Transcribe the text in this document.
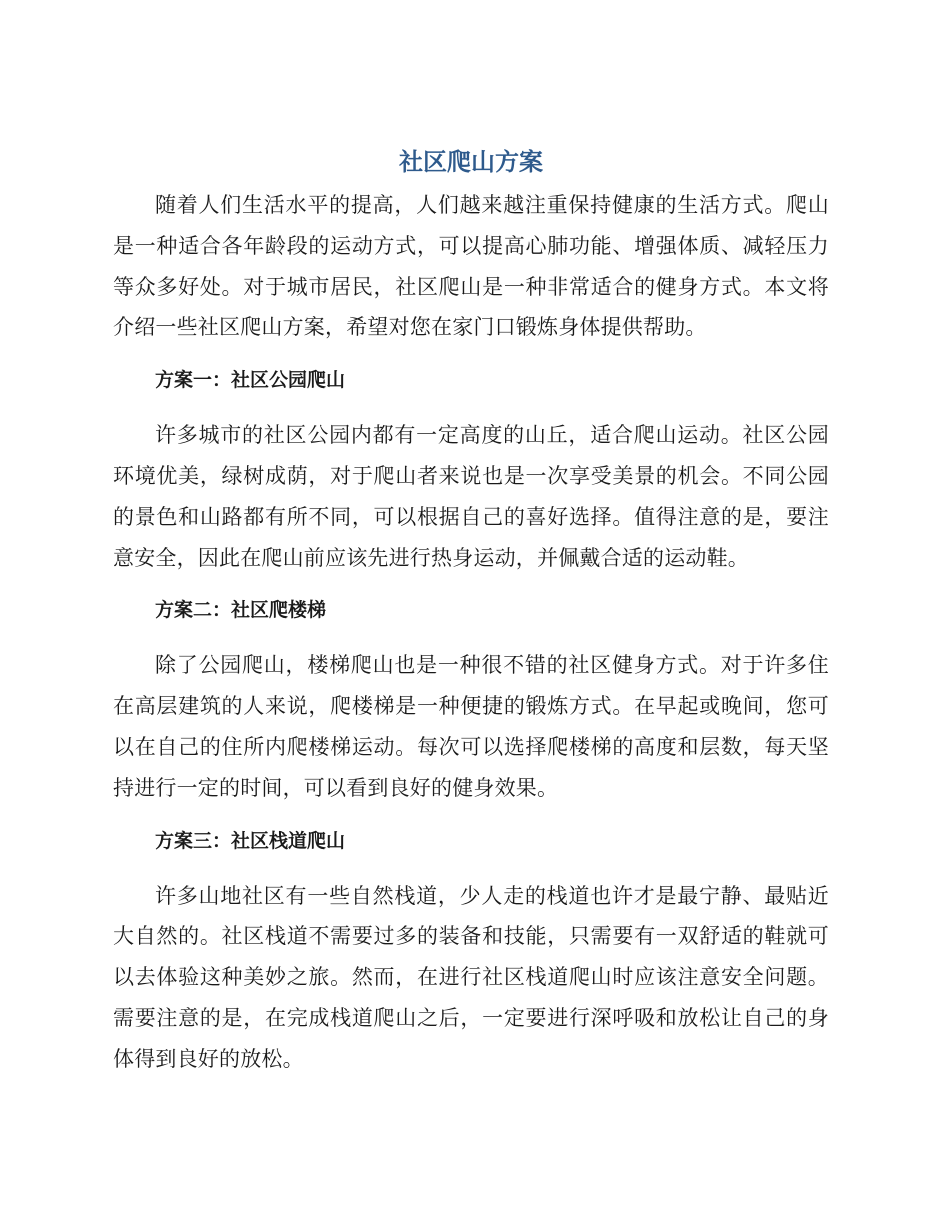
社区爬山方案

随着人们生活水平的提高，人们越来越注重保持健康的生活方式。爬山是一种适合各年龄段的运动方式，可以提高心肺功能、增强体质、减轻压力等众多好处。对于城市居民，社区爬山是一种非常适合的健身方式。本文将介绍一些社区爬山方案，希望对您在家门口锻炼身体提供帮助。

方案一：社区公园爬山

许多城市的社区公园内都有一定高度的山丘，适合爬山运动。社区公园环境优美，绿树成荫，对于爬山者来说也是一次享受美景的机会。不同公园的景色和山路都有所不同，可以根据自己的喜好选择。值得注意的是，要注意安全，因此在爬山前应该先进行热身运动，并佩戴合适的运动鞋。

方案二：社区爬楼梯

除了公园爬山，楼梯爬山也是一种很不错的社区健身方式。对于许多住在高层建筑的人来说，爬楼梯是一种便捷的锻炼方式。在早起或晚间，您可以在自己的住所内爬楼梯运动。每次可以选择爬楼梯的高度和层数，每天坚持进行一定的时间，可以看到良好的健身效果。

方案三：社区栈道爬山

许多山地社区有一些自然栈道，少人走的栈道也许才是最宁静、最贴近大自然的。社区栈道不需要过多的装备和技能，只需要有一双舒适的鞋就可以去体验这种美妙之旅。然而，在进行社区栈道爬山时应该注意安全问题。需要注意的是，在完成栈道爬山之后，一定要进行深呼吸和放松让自己的身体得到良好的放松。
